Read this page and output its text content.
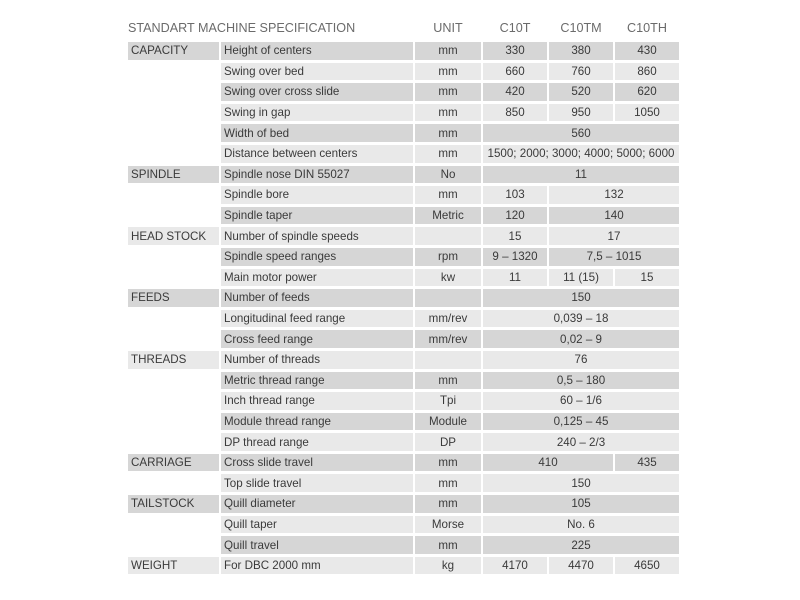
STANDART MACHINE SPECIFICATION		UNIT	C10T	C10TM	C10TH
CAPACITY	Height of centers	mm	330	380	430
	Swing over bed	mm	660	760	860
	Swing over cross slide	mm	420	520	620
	Swing in gap	mm	850	950	1050
	Width of bed	mm	560		
	Distance between centers	mm	1500; 2000; 3000; 4000; 5000; 6000		
SPINDLE	Spindle nose DIN 55027	No	11		
	Spindle bore	mm	103	132	
	Spindle taper	Metric	120	140	
HEAD STOCK	Number of spindle speeds		15	17	
	Spindle speed ranges	rpm	9 – 1320	7,5 – 1015	
	Main motor power	kw	11	11 (15)	15
FEEDS	Number of feeds		150		
	Longitudinal feed range	mm/rev	0,039 – 18		
	Cross feed range	mm/rev	0,02 – 9		
THREADS	Number of threads		76		
	Metric thread range	mm	0,5 – 180		
	Inch thread range	Tpi	60 – 1/6		
	Module thread range	Module	0,125 – 45		
	DP thread range	DP	240 – 2/3		
CARRIAGE	Cross slide travel	mm	410		435
	Top slide travel	mm	150		
TAILSTOCK	Quill diameter	mm	105		
	Quill taper	Morse	No. 6		
	Quill travel	mm	225		
WEIGHT	For DBC 2000 mm	kg	4170	4470	4650
